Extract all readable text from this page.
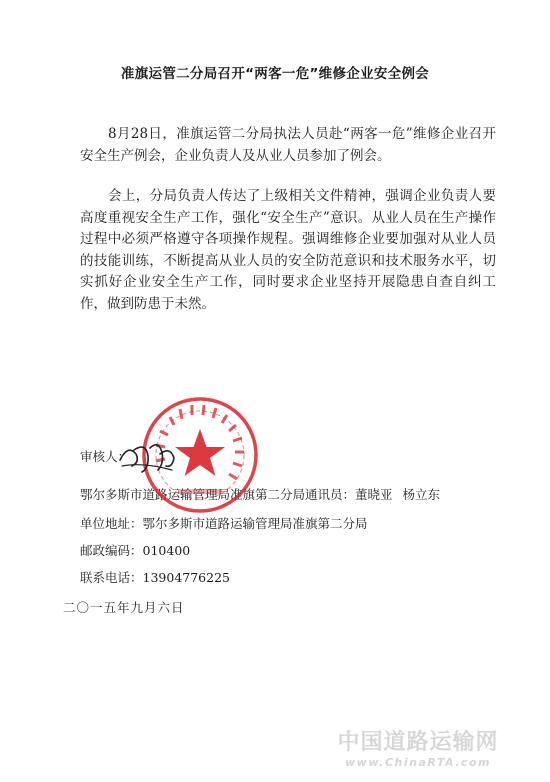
准旗运管二分局召开“两客一危”维修企业安全例会

8月28日，准旗运管二分局执法人员赴“两客一危”维修企业召开安全生产例会，企业负责人及从业人员参加了例会。

会上，分局负责人传达了上级相关文件精神，强调企业负责人要高度重视安全生产工作，强化“安全生产”意识。从业人员在生产操作过程中必须严格遵守各项操作规程。强调维修企业要加强对从业人员的技能训练，不断提高从业人员的安全防范意识和技术服务水平，切实抓好企业安全生产工作，同时要求企业坚持开展隐患自查自纠工作，做到防患于未然。

审核人：
鄂尔多斯市道路运输管理局准旗第二分局通讯员：董晓亚 杨立东
单位地址：鄂尔多斯市道路运输管理局准旗第二分局
邮政编码：010400
联系电话：13904776225
二〇一五年九月六日
中国道路运输网
www.ChinaRTA.com
